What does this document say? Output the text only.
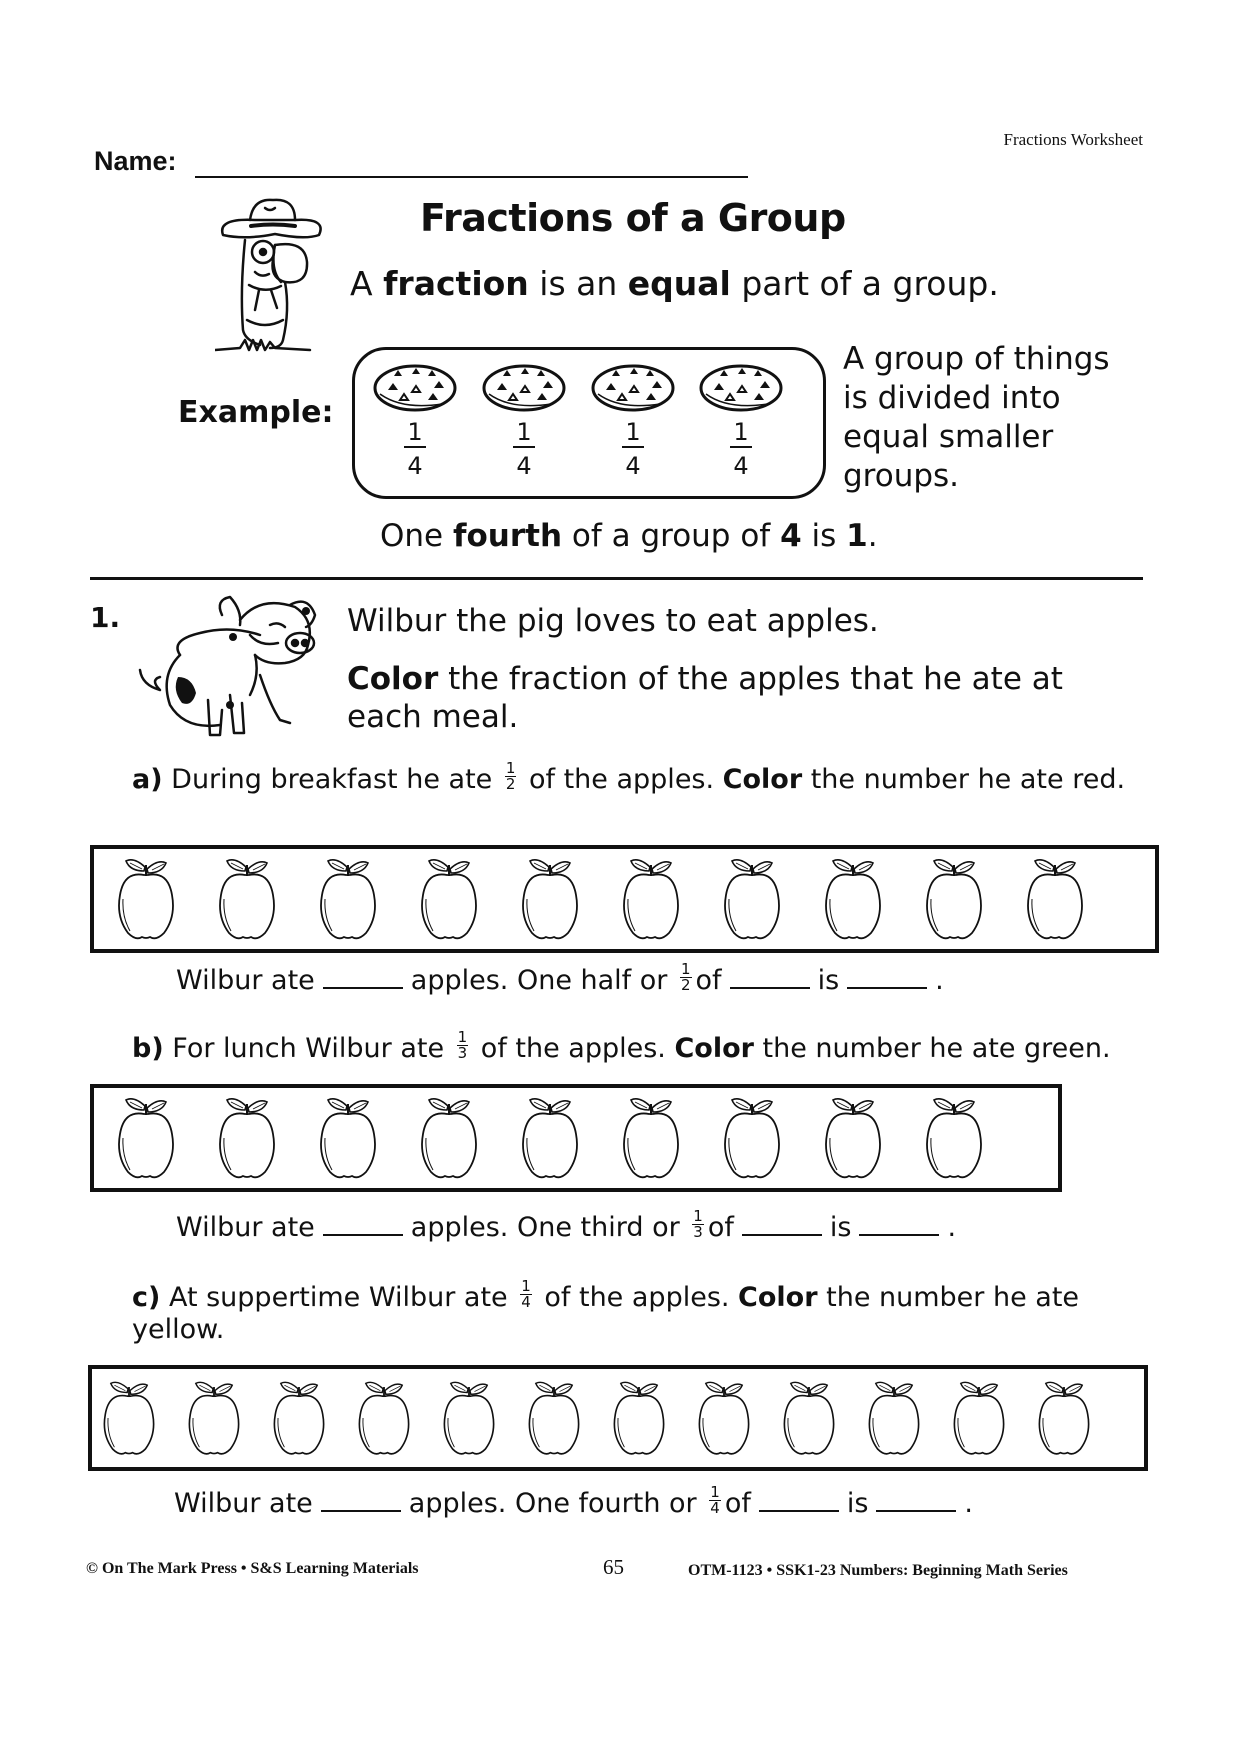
Fractions Worksheet
Name:
Fractions of a Group
A fraction is an equal part of a group.
Example:
$\frac{1}{4}$	$\frac{1}{4}$	$\frac{1}{4}$	$\frac{1}{4}$
A group of things
is divided into
equal smaller
groups.
One fourth of a group of 4 is 1.
1.	Wilbur the pig loves to eat apples.
Color the fraction of the apples that he ate at each meal.
a) During breakfast he ate $\frac{1}{2}$ of the apples. Color the number he ate red.
Wilbur ate	apples. One half or $\frac{1}{2}$ of	is	.
b) For lunch Wilbur ate $\frac{1}{3}$ of the apples. Color the number he ate green.
Wilbur ate	apples. One third or $\frac{1}{3}$ of	is	.
c) At suppertime Wilbur ate $\frac{1}{4}$ of the apples. Color the number he ate yellow.
Wilbur ate	apples. One fourth or $\frac{1}{4}$ of	is	.
© On The Mark Press • S&S Learning Materials	65	OTM-1123 • SSK1-23 Numbers: Beginning Math Series
